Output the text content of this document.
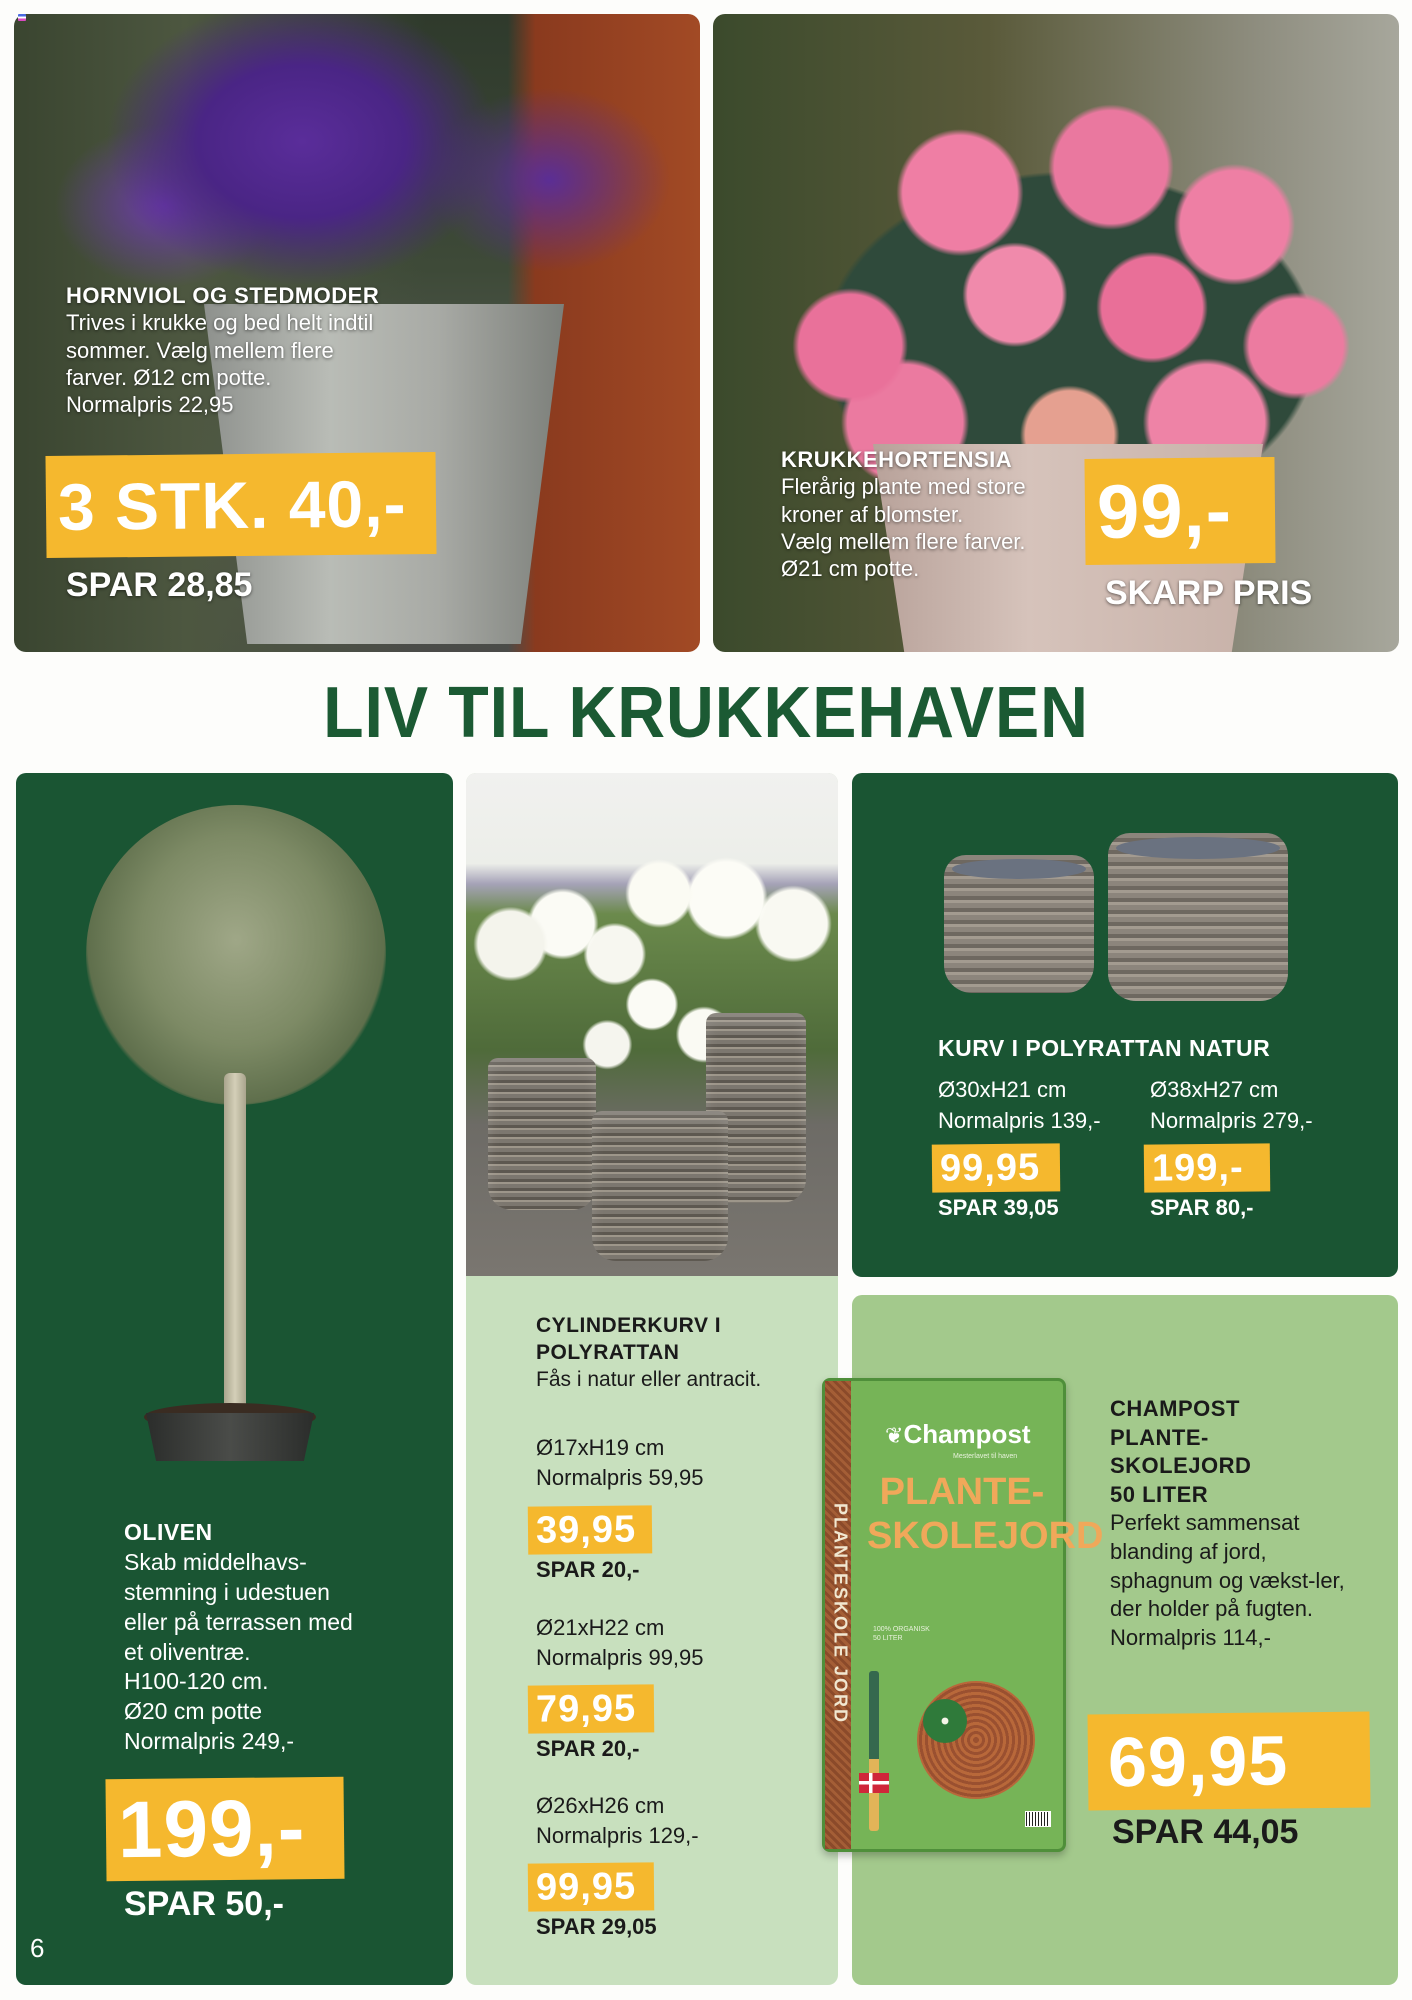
HORNVIOL OG STEDMODER
Trives i krukke og bed helt indtil
sommer. Vælg mellem flere
farver. Ø12 cm potte.
Normalpris 22,95
3 STK. 40,-
SPAR 28,85
KRUKKEHORTENSIA
Flerårig plante med store
kroner af blomster.
Vælg mellem flere farver.
Ø21 cm potte.
99,-
SKARP PRIS
LIV TIL KRUKKEHAVEN
OLIVEN
Skab middelhavs-
stemning i udestuen
eller på terrassen med
et oliventræ.
H100-120 cm.
Ø20 cm potte
Normalpris 249,-
199,-
SPAR 50,-
6
CYLINDERKURV I
POLYRATTAN
Fås i natur eller antracit.
Ø17xH19 cm
Normalpris 59,95
39,95
SPAR 20,-
Ø21xH22 cm
Normalpris 99,95
79,95
SPAR 20,-
Ø26xH26 cm
Normalpris 129,-
99,95
SPAR 29,05
KURV I POLYRATTAN NATUR
Ø30xH21 cm
Normalpris 139,-
99,95
SPAR 39,05
Ø38xH27 cm
Normalpris 279,-
199,-
SPAR 80,-
CHAMPOST
PLANTE-
SKOLEJORD
50 LITER
Perfekt sammensat
blanding af jord,
sphagnum og vækst-ler,
der holder på fugten.
Normalpris 114,-
69,95
SPAR 44,05
PLANTESKOLE JORD
❦Champost
Mesterlavet til haven
PLANTE-
SKOLEJORD
100% ORGANISK
50 LITER
